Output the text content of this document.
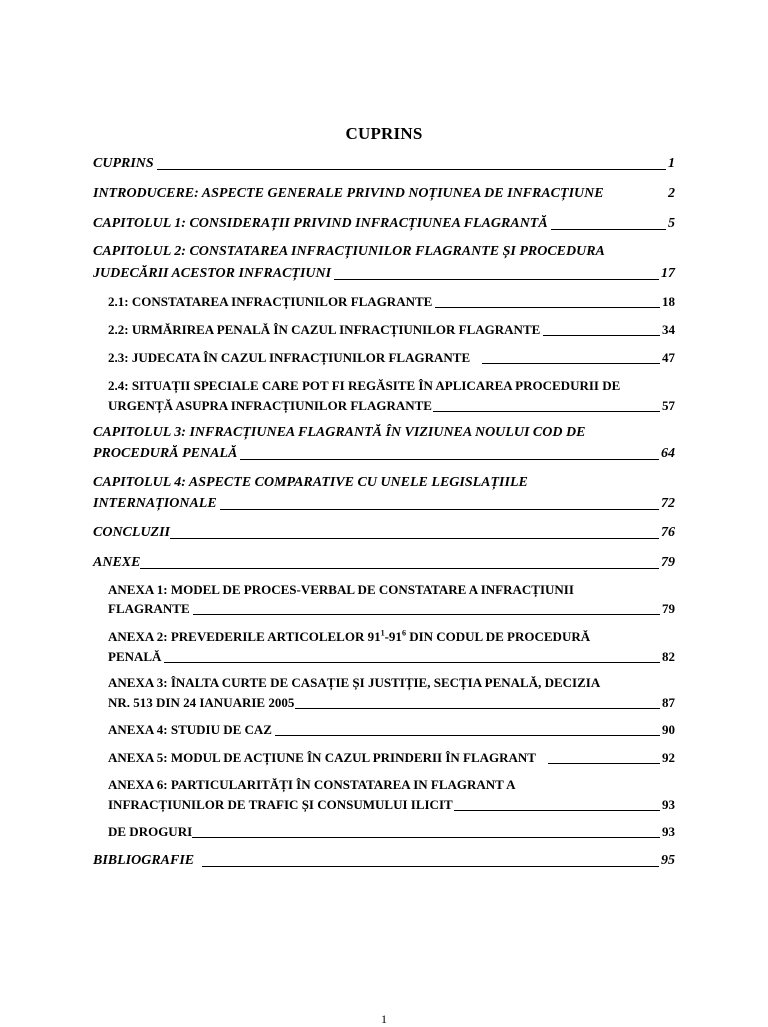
CUPRINS
CUPRINS	1
INTRODUCERE: ASPECTE GENERALE PRIVIND NOȚIUNEA DE INFRACȚIUNE	2
CAPITOLUL 1: CONSIDERAȚII PRIVIND INFRACȚIUNEA FLAGRANTĂ	5
CAPITOLUL 2: CONSTATAREA INFRACȚIUNILOR FLAGRANTE ȘI PROCEDURA
JUDECĂRII ACESTOR INFRACȚIUNI	17
2.1: CONSTATAREA INFRACȚIUNILOR FLAGRANTE	18
2.2: URMĂRIREA PENALĂ ÎN CAZUL INFRACȚIUNILOR FLAGRANTE	34
2.3: JUDECATA ÎN CAZUL INFRACȚIUNILOR FLAGRANTE	47
2.4: SITUAȚII SPECIALE CARE POT FI REGĂSITE ÎN APLICAREA PROCEDURII DE
URGENȚĂ ASUPRA INFRACȚIUNILOR FLAGRANTE	57
CAPITOLUL 3: INFRACȚIUNEA FLAGRANTĂ ÎN VIZIUNEA NOULUI COD DE
PROCEDURĂ PENALĂ	64
CAPITOLUL 4: ASPECTE COMPARATIVE CU UNELE LEGISLAȚIILE
INTERNAȚIONALE	72
CONCLUZII	76
ANEXE	79
ANEXA 1: MODEL DE PROCES-VERBAL DE CONSTATARE A INFRACȚIUNII
FLAGRANTE	79
ANEXA 2: PREVEDERILE ARTICOLELOR $91^1-91^6$ DIN CODUL DE PROCEDURĂ
PENALĂ	82
ANEXA 3: ÎNALTA CURTE DE CASAȚIE ȘI JUSTIȚIE, SECȚIA PENALĂ, DECIZIA
NR. 513 DIN 24 IANUARIE 2005	87
ANEXA 4: STUDIU DE CAZ	90
ANEXA 5: MODUL DE ACȚIUNE ÎN CAZUL PRINDERII ÎN FLAGRANT	92
ANEXA 6: PARTICULARITĂȚI ÎN CONSTATAREA IN FLAGRANT A
INFRACȚIUNILOR DE TRAFIC ȘI CONSUMULUI ILICIT	93
DE DROGURI	93
BIBLIOGRAFIE	95
1
